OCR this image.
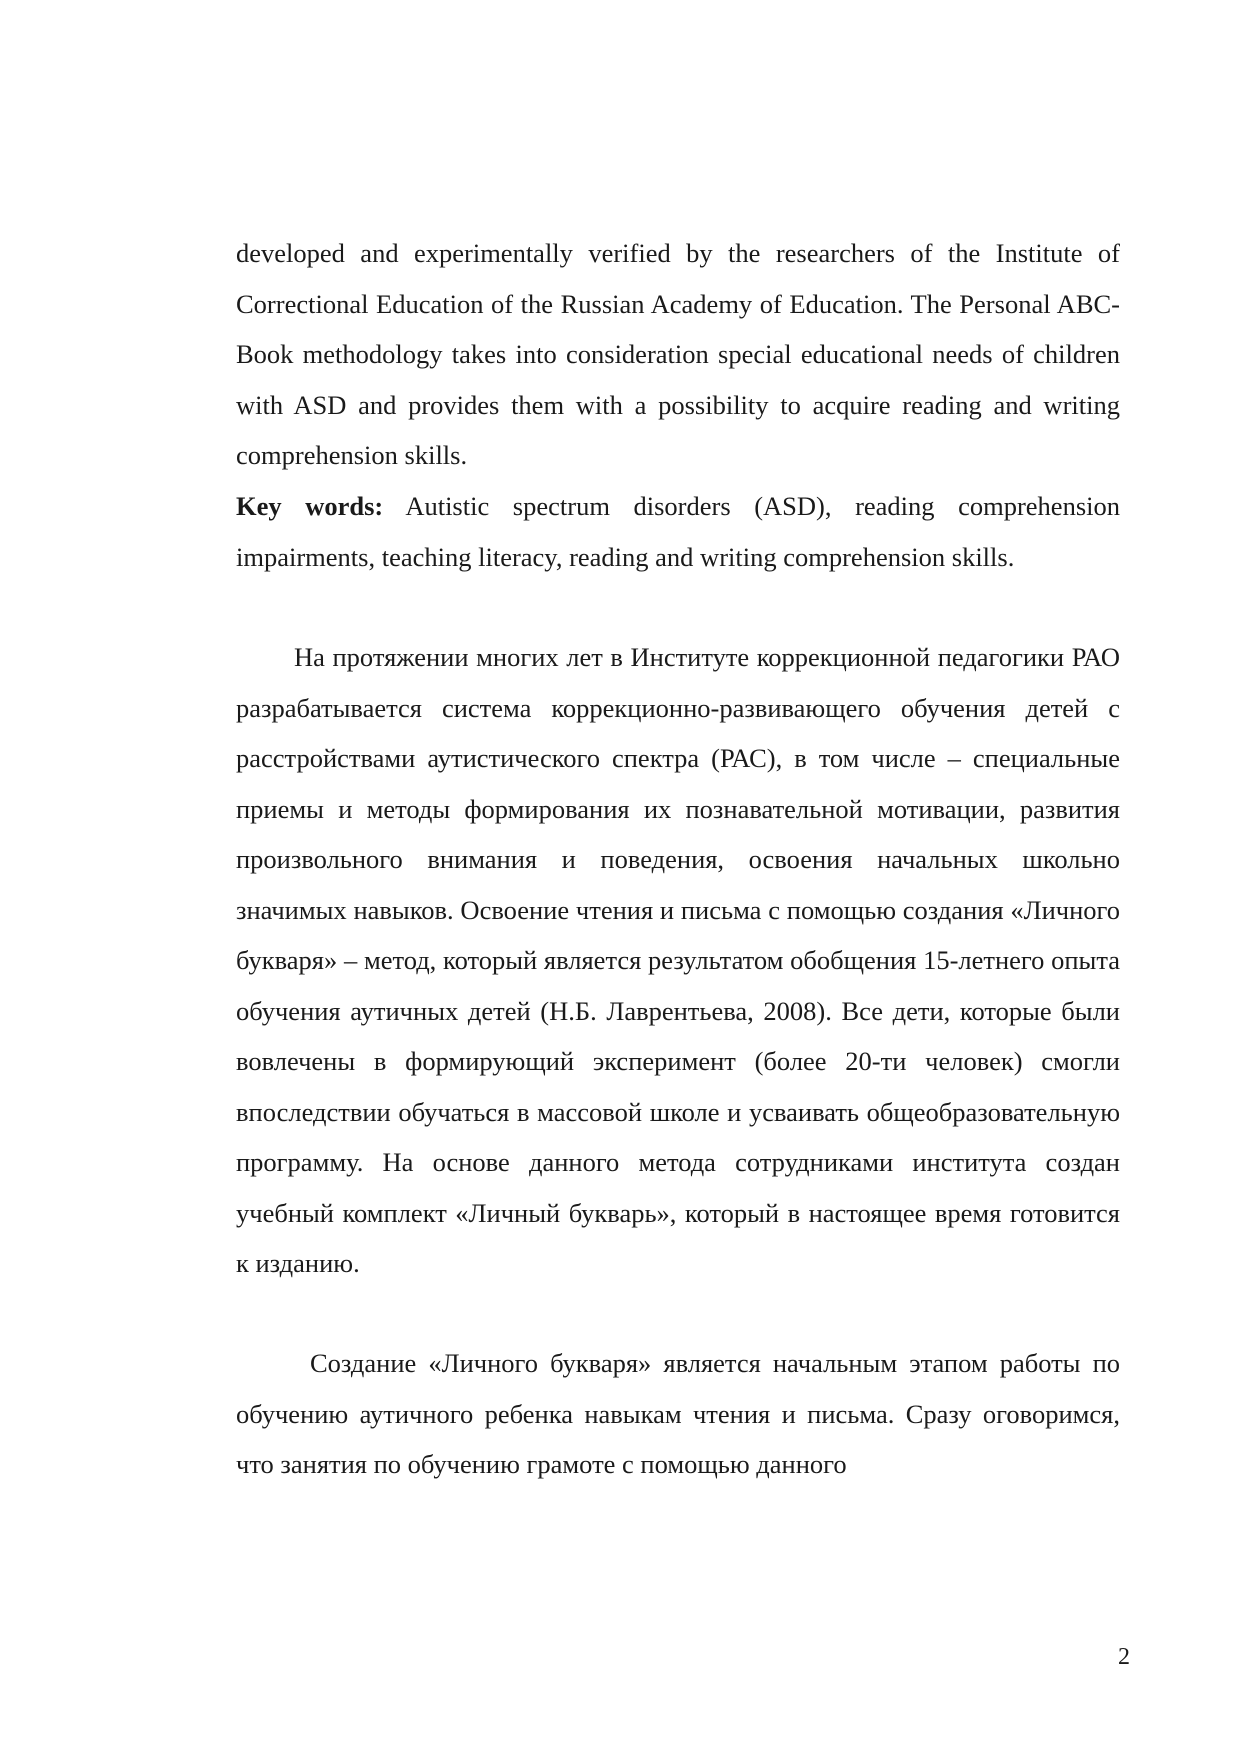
developed and experimentally verified by the researchers of the Institute of Correctional Education of the Russian Academy of Education. The Personal ABC-Book methodology takes into consideration special educational needs of children with ASD and provides them with a possibility to acquire reading and writing comprehension skills.

Key words: Autistic spectrum disorders (ASD), reading comprehension impairments, teaching literacy, reading and writing comprehension skills.

На протяжении многих лет в Институте коррекционной педагогики РАО разрабатывается система коррекционно-развивающего обучения детей с расстройствами аутистического спектра (РАС), в том числе – специальные приемы и методы формирования их познавательной мотивации, развития произвольного внимания и поведения, освоения начальных школьно значимых навыков. Освоение чтения и письма с помощью создания «Личного букваря» – метод, который является результатом обобщения 15-летнего опыта обучения аутичных детей (Н.Б. Лаврентьева, 2008). Все дети, которые были вовлечены в формирующий эксперимент (более 20-ти человек) смогли впоследствии обучаться в массовой школе и усваивать общеобразовательную программу. На основе данного метода сотрудниками института создан учебный комплект «Личный букварь», который в настоящее время готовится к изданию.

Создание «Личного букваря» является начальным этапом работы по обучению аутичного ребенка навыкам чтения и письма. Сразу оговоримся, что занятия по обучению грамоте с помощью данного

2
